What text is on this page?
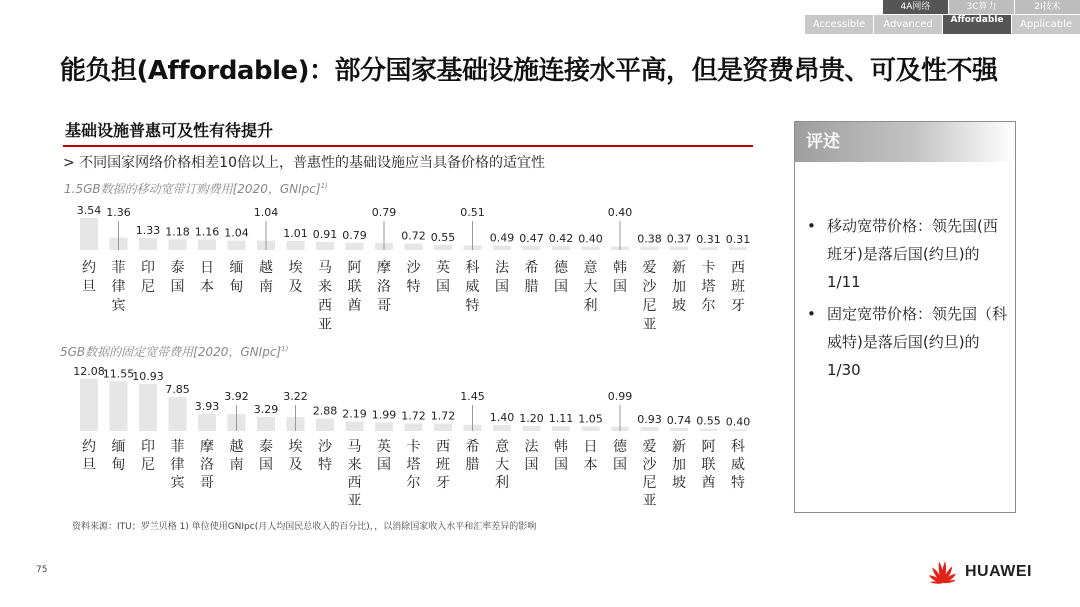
4A网络	3C算力	2I技术
Accessible	Advanced	Affordable	Applicable
能负担(Affordable)：部分国家基础设施连接水平高，但是资费昂贵、可及性不强
基础设施普惠可及性有待提升
> 不同国家网络价格相差10倍以上，普惠性的基础设施应当具备价格的适宜性
1.5GB数据的移动宽带订购费用[2020，GNIpc]$^{1)}$
3.54
约
旦
1.36
菲
律
宾
1.33
印
尼
1.18
泰
国
1.16
日
本
1.04
缅
甸
1.04
越
南
1.01
埃
及
0.91
马
来
西
亚
0.79
阿
联
酋
0.79
摩
洛
哥
0.72
沙
特
0.55
英
国
0.51
科
威
特
0.49
法
国
0.47
希
腊
0.42
德
国
0.40
意
大
利
0.40
韩
国
0.38
爱
沙
尼
亚
0.37
新
加
坡
0.31
卡
塔
尔
0.31
西
班
牙
5GB数据的固定宽带费用[2020，GNIpc]$^{1)}$
12.08
约
旦
11.55
缅
甸
10.93
印
尼
7.85
菲
律
宾
3.93
摩
洛
哥
3.92
越
南
3.29
泰
国
3.22
埃
及
2.88
沙
特
2.19
马
来
西
亚
1.99
英
国
1.72
卡
塔
尔
1.72
西
班
牙
1.45
希
腊
1.40
意
大
利
1.20
法
国
1.11
韩
国
1.05
日
本
0.99
德
国
0.93
爱
沙
尼
亚
0.74
新
加
坡
0.55
阿
联
酋
0.40
科
威
特
资料来源：ITU；罗兰贝格 1) 单位使用GNIpc(月人均国民总收入的百分比)，，以消除国家收入水平和汇率差异的影响
75
评述
• 移动宽带价格：领先国(西班牙)是落后国(约旦)的1/11
• 固定宽带价格：领先国（科威特)是落后国(约旦)的1/30
HUAWEI
